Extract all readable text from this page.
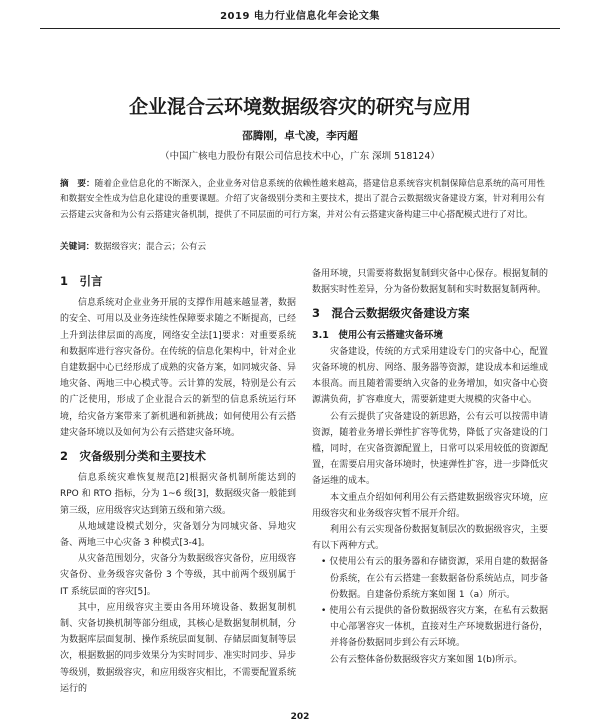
2019 电力行业信息化年会论文集
企业混合云环境数据级容灾的研究与应用
邵腾刚，卓弋凌，李丙超
（中国广核电力股份有限公司信息技术中心，广东 深圳 518124）
摘　要：随着企业信息化的不断深入，企业业务对信息系统的依赖性越来越高，搭建信息系统容灾机制保障信息系统的高可用性和数据安全性成为信息化建设的重要课题。介绍了灾备级别分类和主要技术，提出了混合云数据级灾备建设方案，针对利用公有云搭建云灾备和为公有云搭建灾备机制，提供了不同层面的可行方案，并对公有云搭建灾备构建三中心搭配模式进行了对比。
关键词：数据级容灾；混合云；公有云
1　引言

信息系统对企业业务开展的支撑作用越来越显著，数据的安全、可用以及业务连续性保障要求随之不断提高，已经上升到法律层面的高度，网络安全法[1]要求：对重要系统和数据库进行容灾备份。在传统的信息化架构中，针对企业自建数据中心已经形成了成熟的灾备方案，如同城灾备、异地灾备、两地三中心模式等。云计算的发展，特别是公有云的广泛使用，形成了企业混合云的新型的信息系统运行环境，给灾备方案带来了新机遇和新挑战；如何使用公有云搭建灾备环境以及如何为公有云搭建灾备环境。

2　灾备级别分类和主要技术

信息系统灾难恢复规范[2]根据灾备机制所能达到的 RPO 和 RTO 指标，分为 1~6 级[3]，数据级灾备一般能到第三级，应用级容灾达到第五级和第六级。

从地域建设模式划分，灾备划分为同城灾备、异地灾备、两地三中心灾备 3 种模式[3-4]。

从灾备范围划分，灾备分为数据级容灾备份，应用级容灾备份、业务级容灾备份 3 个等级，其中前两个级别属于 IT 系统层面的容灾[5]。

其中，应用级容灾主要由各用环境设备、数据复制机制、灾备切换机制等部分组成，其核心是数据复制机制，分为数据库层面复制、操作系统层面复制、存储层面复制等层次，根据数据的同步效果分为实时同步、准实时同步、异步等级别，数据级容灾，和应用级容灾相比，不需要配置系统运行的

备用环境，只需要将数据复制到灾备中心保存。根据复制的数据实时性差异，分为备份数据复制和实时数据复制两种。

3　混合云数据级灾备建设方案
3.1　使用公有云搭建灾备环境

灾备建设，传统的方式采用建设专门的灾备中心，配置灾备环境的机房、网络、服务器等资源，建设成本和运维成本很高。而且随着需要纳入灾备的业务增加，如灾备中心资源满负荷，扩容难度大，需要新建更大规模的灾备中心。

公有云提供了灾备建设的新思路，公有云可以按需申请资源，随着业务增长弹性扩容等优势，降低了灾备建设的门槛，同时，在灾备资源配置上，日常可以采用较低的资源配置，在需要启用灾备环境时，快速弹性扩容，进一步降低灾备运维的成本。

本文重点介绍如何利用公有云搭建数据级容灾环境，应用级容灾和业务级容灾暂不展开介绍。

利用公有云实现备份数据复制层次的数据级容灾，主要有以下两种方式。

• 仅使用公有云的服务器和存储资源，采用自建的数据备份系统，在公有云搭建一套数据备份系统站点，同步备份数据。自建备份系统方案如图 1（a）所示。

• 使用公有云提供的备份数据级容灾方案，在私有云数据中心部署容灾一体机，直接对生产环境数据进行备份，并将备份数据同步到公有云环境。

公有云整体备份数据级容灾方案如图 1(b)所示。

202
